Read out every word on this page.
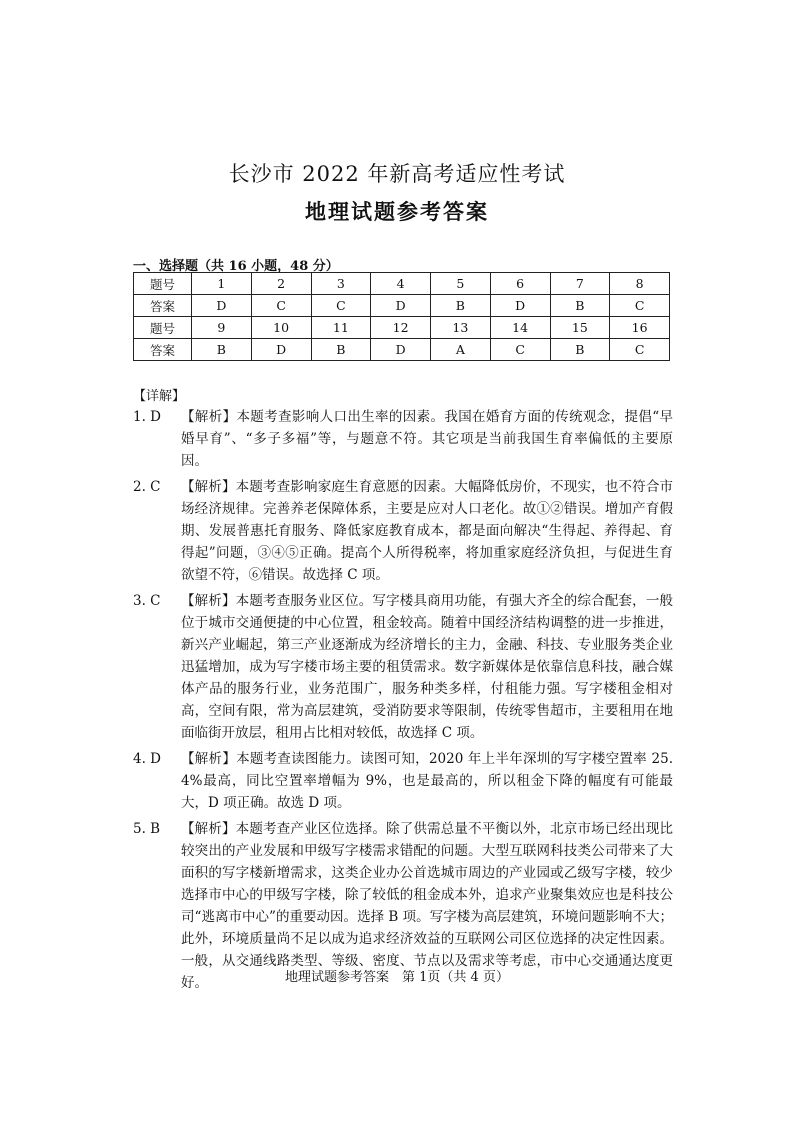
长沙市 2022 年新高考适应性考试
地理试题参考答案
一、选择题（共 16 小题，48 分）
题号	1	2	3	4	5	6	7	8
答案	D	C	C	D	B	D	B	C
题号	9	10	11	12	13	14	15	16
答案	B	D	B	D	A	C	B	C
【详解】
1. D 【解析】本题考查影响人口出生率的因素。我国在婚育方面的传统观念，提倡“早婚早育”、“多子多福”等，与题意不符。其它项是当前我国生育率偏低的主要原因。
2. C 【解析】本题考查影响家庭生育意愿的因素。大幅降低房价，不现实，也不符合市场经济规律。完善养老保障体系，主要是应对人口老化。故①②错误。增加产育假期、发展普惠托育服务、降低家庭教育成本，都是面向解决“生得起、养得起、育得起”问题，③④⑤正确。提高个人所得税率，将加重家庭经济负担，与促进生育欲望不符，⑥错误。故选择 C 项。
3. C 【解析】本题考查服务业区位。写字楼具商用功能，有强大齐全的综合配套，一般位于城市交通便捷的中心位置，租金较高。随着中国经济结构调整的进一步推进，新兴产业崛起，第三产业逐渐成为经济增长的主力，金融、科技、专业服务类企业迅猛增加，成为写字楼市场主要的租赁需求。数字新媒体是依靠信息科技，融合媒体产品的服务行业，业务范围广，服务种类多样，付租能力强。写字楼租金相对高，空间有限，常为高层建筑，受消防要求等限制，传统零售超市，主要租用在地面临街开放层，租用占比相对较低，故选择 C 项。
4. D 【解析】本题考查读图能力。读图可知，2020 年上半年深圳的写字楼空置率 25. 4%最高，同比空置率增幅为 9%，也是最高的，所以租金下降的幅度有可能最大，D 项正确。故选 D 项。
5. B 【解析】本题考查产业区位选择。除了供需总量不平衡以外，北京市场已经出现比较突出的产业发展和甲级写字楼需求错配的问题。大型互联网科技类公司带来了大面积的写字楼新增需求，这类企业办公首选城市周边的产业园或乙级写字楼，较少选择市中心的甲级写字楼，除了较低的租金成本外，追求产业聚集效应也是科技公司“逃离市中心”的重要动因。选择 B 项。写字楼为高层建筑，环境问题影响不大；此外，环境质量尚不足以成为追求经济效益的互联网公司区位选择的决定性因素。一般，从交通线路类型、等级、密度、节点以及需求等考虑，市中心交通通达度更好。	地理试题参考答案　第 1页（共 4 页）
